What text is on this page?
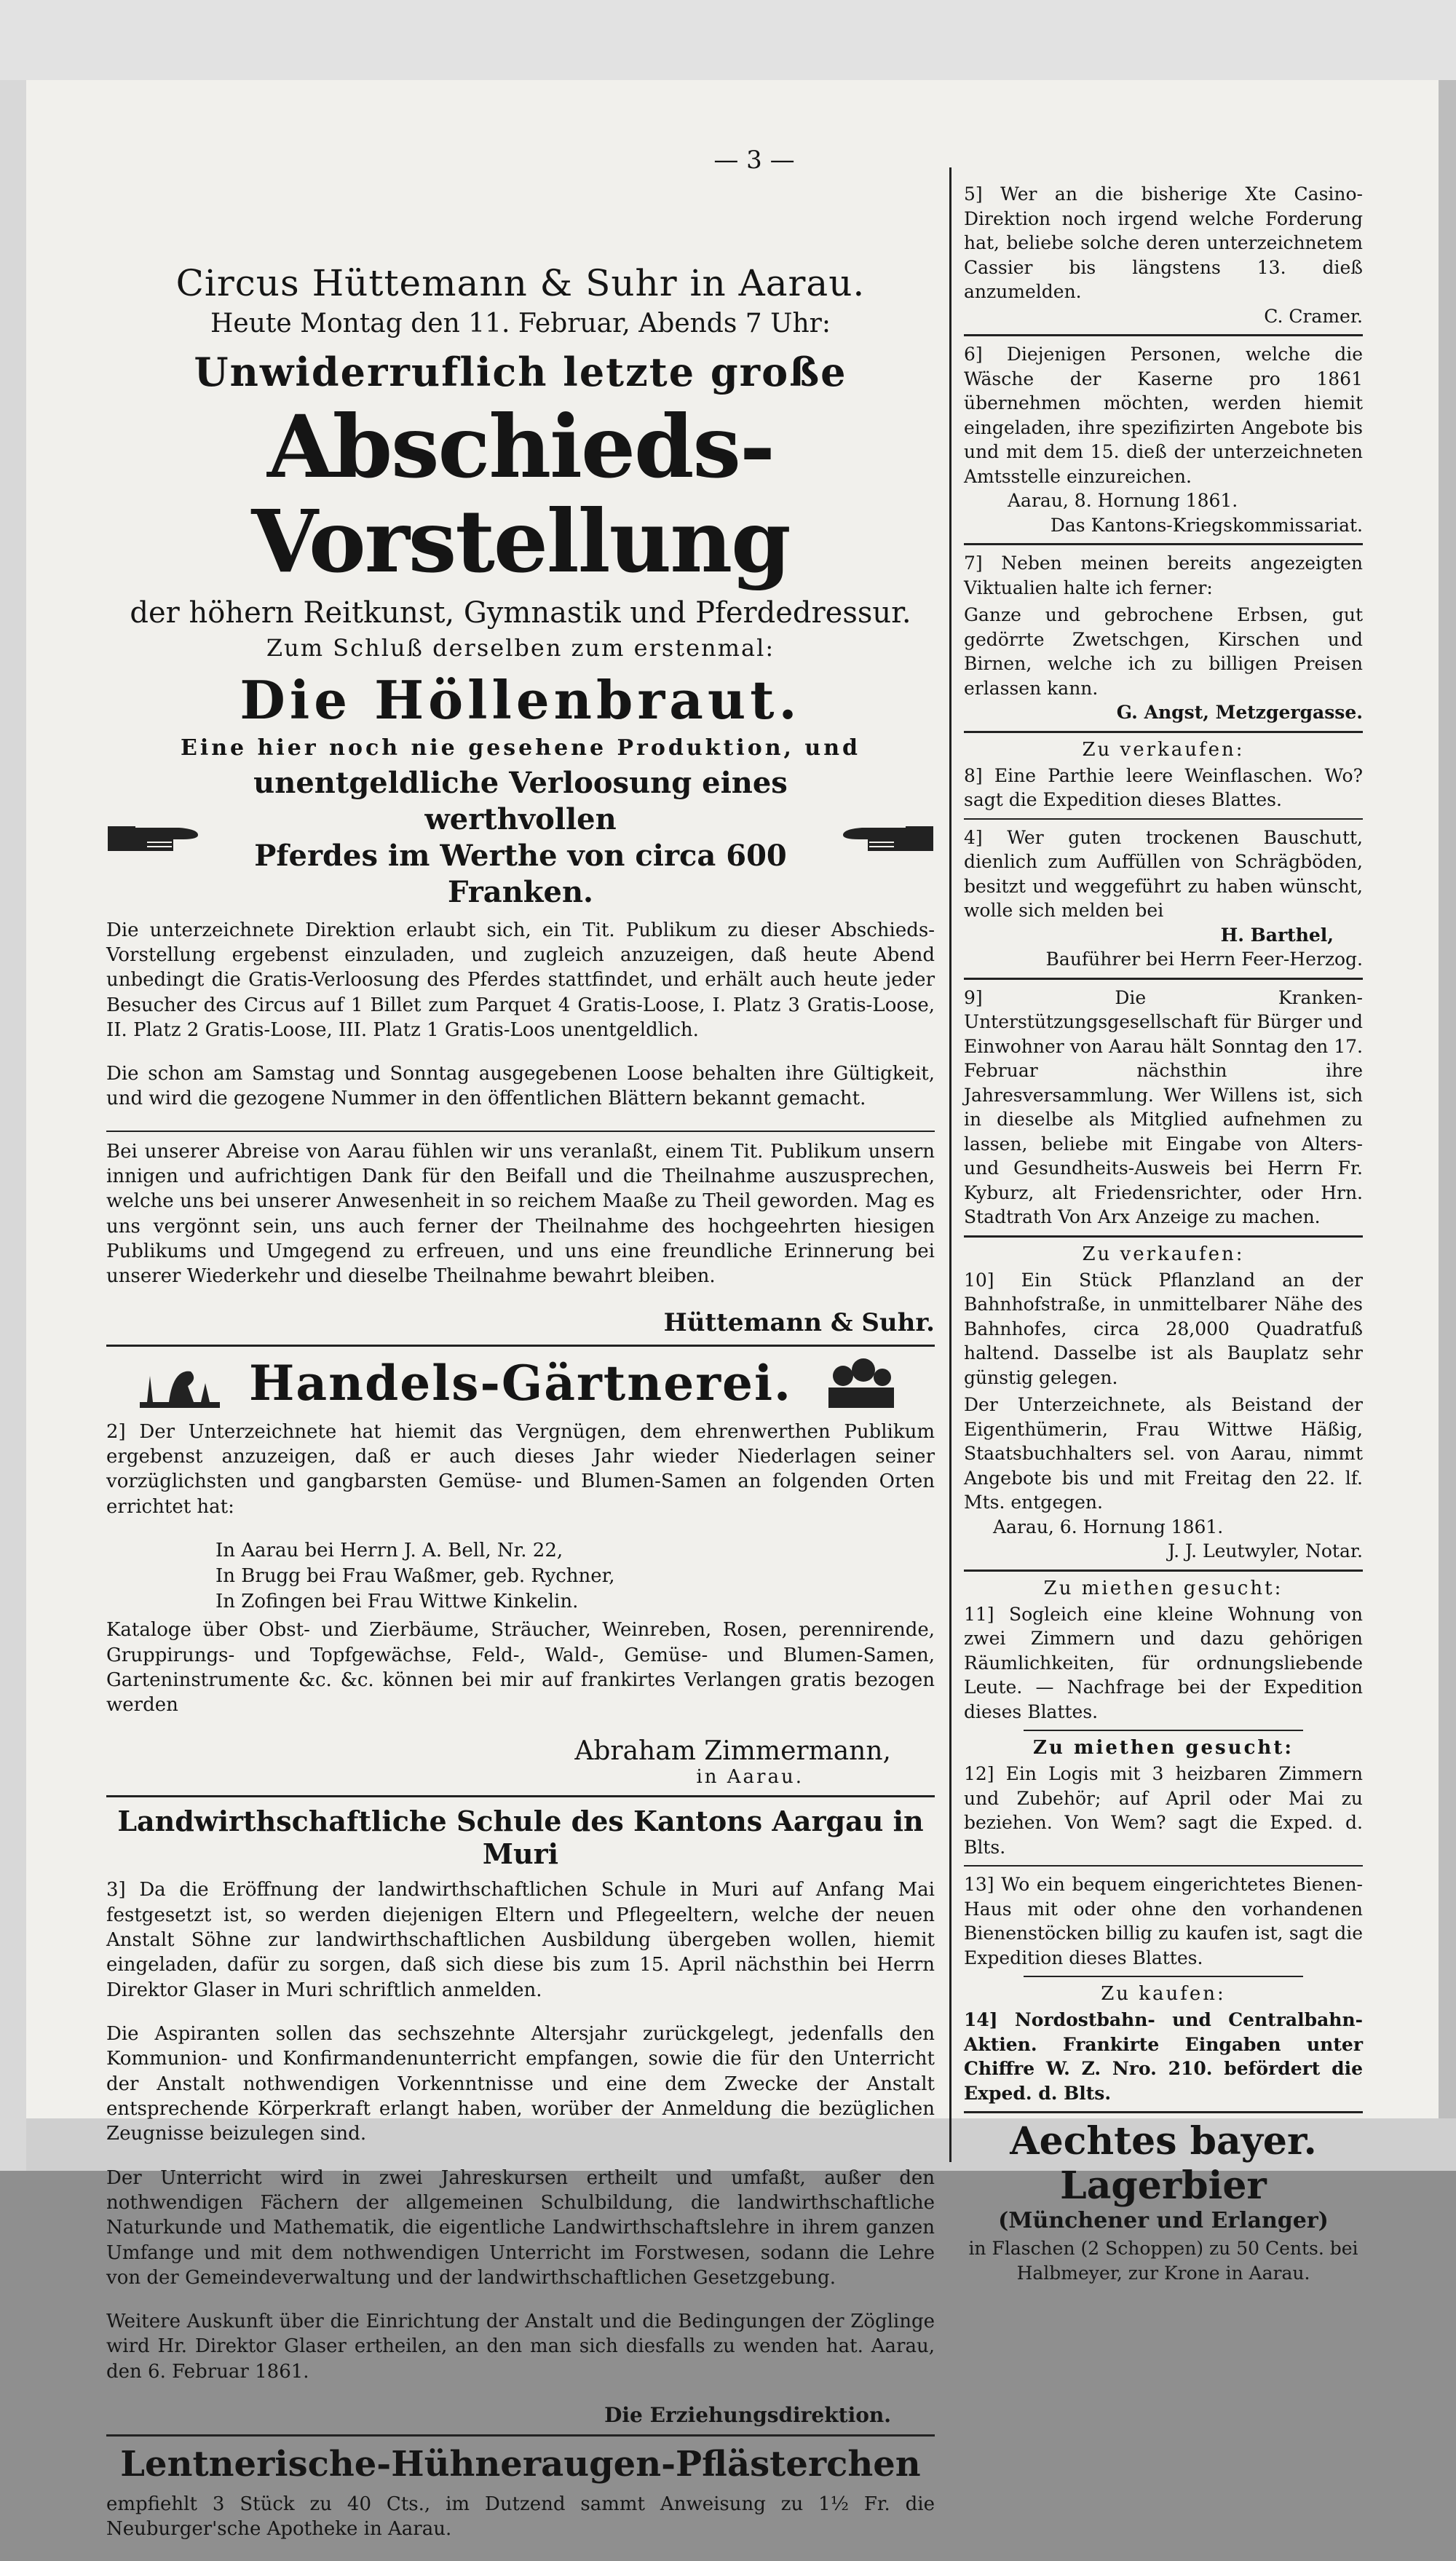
— 3 —
Circus Hüttemann & Suhr in Aarau.
Heute Montag den 11. Februar, Abends 7 Uhr:
Unwiderruflich letzte große
Abschieds-Vorstellung
der höhern Reitkunst, Gymnastik und Pferdedressur.
Zum Schluß derselben zum erstenmal:
Die Höllenbraut.
Eine hier noch nie gesehene Produktion, und
unentgeldliche Verloosung eines werthvollen
Pferdes im Werthe von circa 600 Franken.

Die unterzeichnete Direktion erlaubt sich, ein Tit. Publikum zu dieser Abschieds-Vorstellung ergebenst einzuladen, und zugleich anzuzeigen, daß heute Abend unbedingt die Gratis-Verloosung des Pferdes stattfindet, und erhält auch heute jeder Besucher des Circus auf 1 Billet zum Parquet 4 Gratis-Loose, I. Platz 3 Gratis-Loose, II. Platz 2 Gratis-Loose, III. Platz 1 Gratis-Loos unentgeldlich.

Die schon am Samstag und Sonntag ausgegebenen Loose behalten ihre Gültigkeit, und wird die gezogene Nummer in den öffentlichen Blättern bekannt gemacht.

Bei unserer Abreise von Aarau fühlen wir uns veranlaßt, einem Tit. Publikum unsern innigen und aufrichtigen Dank für den Beifall und die Theilnahme auszusprechen, welche uns bei unserer Anwesenheit in so reichem Maaße zu Theil geworden. Mag es uns vergönnt sein, uns auch ferner der Theilnahme des hochgeehrten hiesigen Publikums und Umgegend zu erfreuen, und uns eine freundliche Erinnerung bei unserer Wiederkehr und dieselbe Theilnahme bewahrt bleiben.

Hüttemann & Suhr.
Handels-Gärtnerei.

2] Der Unterzeichnete hat hiemit das Vergnügen, dem ehrenwerthen Publikum ergebenst anzuzeigen, daß er auch dieses Jahr wieder Niederlagen seiner vorzüglichsten und gangbarsten Gemüse- und Blumen-Samen an folgenden Orten errichtet hat:

In Aarau bei Herrn J. A. Bell, Nr. 22,
In Brugg bei Frau Waßmer, geb. Rychner,
In Zofingen bei Frau Wittwe Kinkelin.

Kataloge über Obst- und Zierbäume, Sträucher, Weinreben, Rosen, perennirende, Gruppirungs- und Topfgewächse, Feld-, Wald-, Gemüse- und Blumen-Samen, Garteninstrumente &c. &c. können bei mir auf frankirtes Verlangen gratis bezogen werden

Abraham Zimmermann,
in Aarau.
Landwirthschaftliche Schule des Kantons Aargau in Muri

3] Da die Eröffnung der landwirthschaftlichen Schule in Muri auf Anfang Mai festgesetzt ist, so werden diejenigen Eltern und Pflegeeltern, welche der neuen Anstalt Söhne zur landwirthschaftlichen Ausbildung übergeben wollen, hiemit eingeladen, dafür zu sorgen, daß sich diese bis zum 15. April nächsthin bei Herrn Direktor Glaser in Muri schriftlich anmelden.

Die Aspiranten sollen das sechszehnte Altersjahr zurückgelegt, jedenfalls den Kommunion- und Konfirmandenunterricht empfangen, sowie die für den Unterricht der Anstalt nothwendigen Vorkenntnisse und eine dem Zwecke der Anstalt entsprechende Körperkraft erlangt haben, worüber der Anmeldung die bezüglichen Zeugnisse beizulegen sind.

Der Unterricht wird in zwei Jahreskursen ertheilt und umfaßt, außer den nothwendigen Fächern der allgemeinen Schulbildung, die landwirthschaftliche Naturkunde und Mathematik, die eigentliche Landwirthschaftslehre in ihrem ganzen Umfange und mit dem nothwendigen Unterricht im Forstwesen, sodann die Lehre von der Gemeindeverwaltung und der landwirthschaftlichen Gesetzgebung.

Weitere Auskunft über die Einrichtung der Anstalt und die Bedingungen der Zöglinge wird Hr. Direktor Glaser ertheilen, an den man sich diesfalls zu wenden hat. Aarau, den 6. Februar 1861.

Die Erziehungsdirektion.
Lentnerische-Hühneraugen-Pflästerchen

empfiehlt 3 Stück zu 40 Cts., im Dutzend sammt Anweisung zu 1½ Fr. die Neuburger'sche Apotheke in Aarau.

5] Wer an die bisherige Xte Casino-Direktion noch irgend welche Forderung hat, beliebe solche deren unterzeichnetem Cassier bis längstens 13. dieß anzumelden.

C. Cramer.

6] Diejenigen Personen, welche die Wäsche der Kaserne pro 1861 übernehmen möchten, werden hiemit eingeladen, ihre spezifizirten Angebote bis und mit dem 15. dieß der unterzeichneten Amtsstelle einzureichen.

Aarau, 8. Hornung 1861.
Das Kantons-Kriegskommissariat.

7] Neben meinen bereits angezeigten Viktualien halte ich ferner:

Ganze und gebrochene Erbsen, gut gedörrte Zwetschgen, Kirschen und Birnen, welche ich zu billigen Preisen erlassen kann.

G. Angst, Metzgergasse.
Zu verkaufen:

8] Eine Parthie leere Weinflaschen. Wo? sagt die Expedition dieses Blattes.

4] Wer guten trockenen Bauschutt, dienlich zum Auffüllen von Schrägböden, besitzt und weggeführt zu haben wünscht, wolle sich melden bei

H. Barthel,
Bauführer bei Herrn Feer-Herzog.

9] Die Kranken-Unterstützungsgesellschaft für Bürger und Einwohner von Aarau hält Sonntag den 17. Februar nächsthin ihre Jahresversammlung. Wer Willens ist, sich in dieselbe als Mitglied aufnehmen zu lassen, beliebe mit Eingabe von Alters- und Gesundheits-Ausweis bei Herrn Fr. Kyburz, alt Friedensrichter, oder Hrn. Stadtrath Von Arx Anzeige zu machen.

Zu verkaufen:

10] Ein Stück Pflanzland an der Bahnhofstraße, in unmittelbarer Nähe des Bahnhofes, circa 28,000 Quadratfuß haltend. Dasselbe ist als Bauplatz sehr günstig gelegen.

Der Unterzeichnete, als Beistand der Eigenthümerin, Frau Wittwe Häßig, Staatsbuchhalters sel. von Aarau, nimmt Angebote bis und mit Freitag den 22. lf. Mts. entgegen.

Aarau, 6. Hornung 1861.
J. J. Leutwyler, Notar.
Zu miethen gesucht:

11] Sogleich eine kleine Wohnung von zwei Zimmern und dazu gehörigen Räumlichkeiten, für ordnungsliebende Leute. — Nachfrage bei der Expedition dieses Blattes.

Zu miethen gesucht:

12] Ein Logis mit 3 heizbaren Zimmern und Zubehör; auf April oder Mai zu beziehen. Von Wem? sagt die Exped. d. Blts.

13] Wo ein bequem eingerichtetes Bienen-Haus mit oder ohne den vorhandenen Bienenstöcken billig zu kaufen ist, sagt die Expedition dieses Blattes.

Zu kaufen:

14] Nordostbahn- und Centralbahn-Aktien. Frankirte Eingaben unter Chiffre W. Z. Nro. 210. befördert die Exped. d. Blts.

Aechtes bayer. Lagerbier
(Münchener und Erlanger)

in Flaschen (2 Schoppen) zu 50 Cents. bei Halbmeyer, zur Krone in Aarau.
